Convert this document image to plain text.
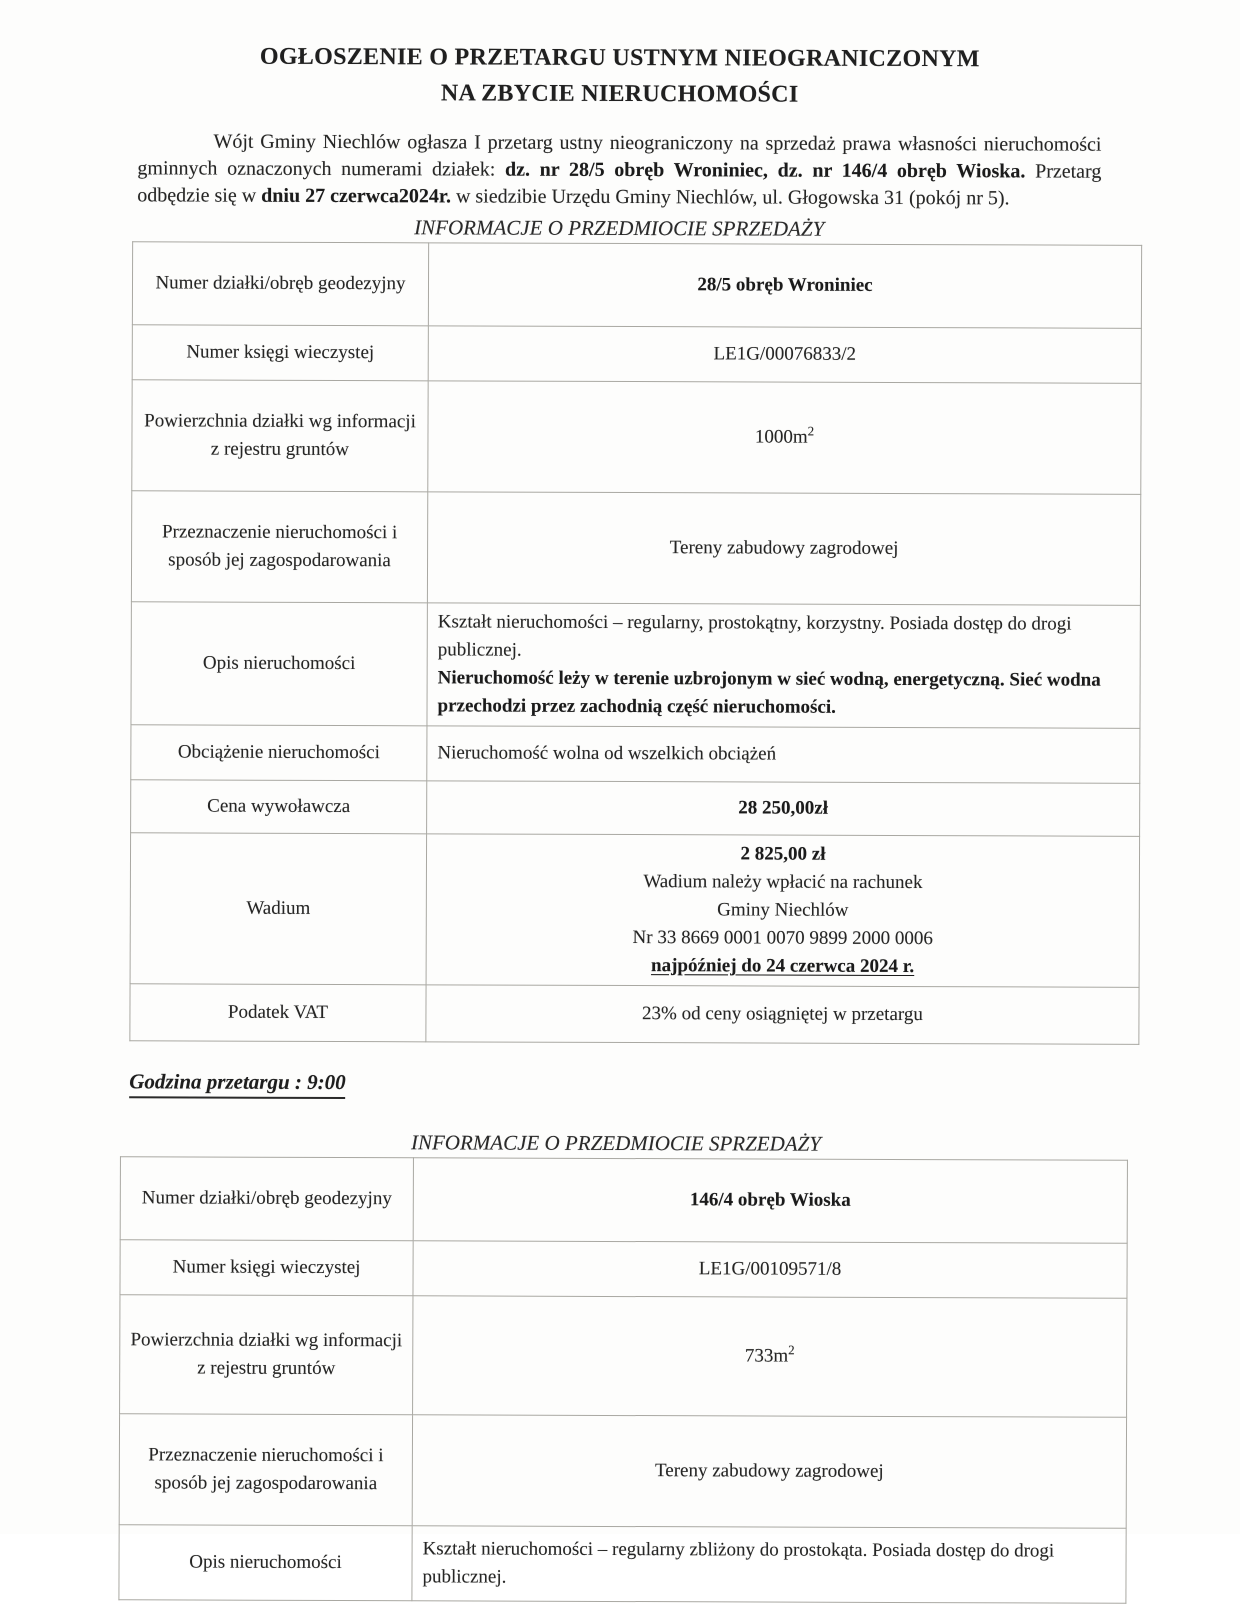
OGŁOSZENIE O PRZETARGU USTNYM NIEOGRANICZONYM
NA ZBYCIE NIERUCHOMOŚCI

Wójt Gminy Niechlów ogłasza I przetarg ustny nieograniczony na sprzedaż prawa własności nieruchomości gminnych oznaczonych numerami działek: dz. nr 28/5 obręb Wroniniec, dz. nr 146/4 obręb Wioska. Przetarg odbędzie się w dniu 27 czerwca2024r. w siedzibie Urzędu Gminy Niechlów, ul. Głogowska 31 (pokój nr 5).

INFORMACJE O PRZEDMIOCIE SPRZEDAŻY
Numer działki/obręb geodezyjny	28/5 obręb Wroniniec
Numer księgi wieczystej	LE1G/00076833/2
Powierzchnia działki wg informacji z rejestru gruntów	$1000m^2$
Przeznaczenie nieruchomości i sposób jej zagospodarowania	Tereny zabudowy zagrodowej
Opis nieruchomości	Kształt nieruchomości – regularny, prostokątny, korzystny. Posiada dostęp do drogi publicznej.

Nieruchomość leży w terenie uzbrojonym w sieć wodną, energetyczną. Sieć wodna przechodzi przez zachodnią część nieruchomości.

Obciążenie nieruchomości	Nieruchomość wolna od wszelkich obciążeń
Cena wywoławcza	28 250,00zł
Wadium	2 825,00 zł
Wadium należy wpłacić na rachunek
Gminy Niechlów
Nr 33 8669 0001 0070 9899 2000 0006
najpóźniej do 24 czerwca 2024 r.

Podatek VAT	23% od ceny osiągniętej w przetargu
Godzina przetargu : 9:00
INFORMACJE O PRZEDMIOCIE SPRZEDAŻY
Numer działki/obręb geodezyjny	146/4 obręb Wioska
Numer księgi wieczystej	LE1G/00109571/8
Powierzchnia działki wg informacji z rejestru gruntów	$733m^2$
Przeznaczenie nieruchomości i sposób jej zagospodarowania	Tereny zabudowy zagrodowej
Opis nieruchomości	Kształt nieruchomości – regularny zbliżony do prostokąta. Posiada dostęp do drogi publicznej.
